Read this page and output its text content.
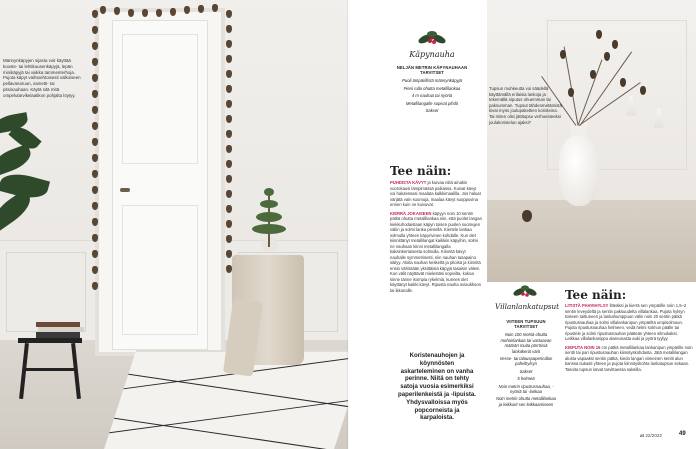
Männynkäpyjen sijasta voit käyttää kooste- tai lehtikuusenkäpyjä, lepän minikäpyjä tai vaikka tammenterhoja. Pujota käpyt vaihtoehtoisesti valkoiseen pellavanaruun, sametti- tai pitsinauhaan. Käytä sitä mitä ompelutarvikelaatikon pohjalta löytyy.
Käpynauha
NELJÄN METRIN KÄPYNAUHAAN TARVITSET
Puoli ämpärillistä männynkäpyjä
Pieni rulla ohutta metallilankaa
4 m nauhaa tai nyöriä
Metallilangalle sopivat pihdit
Sakset
Tee näin:

PUHDISTA KÄVYT ja kuivaa niitä ainakin vuorokausi lämpimässä paikassa. Kuivat kävyt voi halutessasi maalata kalkkimaalilla. Jos haluat värjätä vain suomuja, maalaa kävyt suoppuvina ennen kuin ne kuivuvat.

KIERRÄ JOKAISEEN käpyyn noin 10 sentin pätkä ohutta metallilankaa niin, että puolet langan kiekkuhodaistaan käpyn toisen puolen suomujen väliin ja solmi lanka pienellä. Kiertele lankaa solmulla yhteen käpyrivinen kohdalle. Kun olet kiinnittänyt metallilangat kaikkiin käpyihin, solmi ne nauhaan kiinni metallilangalla kaksinkertaisesta solmulla. Kiinnitä kävyt nauhalle symmetrisesti, niin nauhan tasapaino säilyy. Aloita nauhan keskeltä ja pitoisä ja kiinnitä ensin vähintään yksittäisiä käpyjä tasaisin välein. Kun välit näyttävät mielestäsi sopivilta, kokoa sinne tänne isompia rykelmiä, kunnes olet käyttänyt kaikki kävyt. Ripusta nauha oviaukkoon tai ikkunalle.

Koristenauhojen ja köynnösten askarteleminen on vanha perinne. Niitä on tehty satoja vuosia esimerkiksi paperilenkeistä ja -lipuista. Yhdysvalloissa myös popcorneista ja karpaloista.
Tupsun muhkeutta voi säädellä käyttämällä erilaisia lankoja ja tekemällä niputus ohuemman tai paksumman. Tupsut tähdenmetämistä kivat myös joulupakettien koristeina. Tai miten olisi jättitupsu verhoesteeksi joulukoristelun ajaksi?
Villanlankatupsut
VIITEEN TUPSUUN TARVITSET
Noin 100 metriä ohutta mohairlankaa tai vastaavan määrän muita pörröisiä lankakeriä värit
Vesse- tai talouspaperirullan pahvihylsyn
Sakset
5 helmeä
Noin metrin ripustusnauhaa, -nyöriä tai -lankaa
Noin metrin ohutta metallilankaa ja leikkurit sen leikkaamiseen
Tee näin:

LITISTÄ PAHVIHYLSY litteäksi ja kierrä sen ympärille noin 1,5–2 sentin leveydeltä ja sentin paksuudelta villalankaa. Pujota hylsyn toiseen taittuneen ja lankahumppuun välin noin 20 sentin pätkä ripustusnauhaa ja solmi villalankanipun ympäriltä umpisolmuun. Pujota ripustusnauhaa helmeen, vedä helmi solmun päälle tai ripustele ja solmi ripustusnauhan pääteän yhteen silmukaksi. Leikkaa villalankanippu alareunasta auki ja pyörä tyylyy.

KIEPUTA NOIN 15 cm pätkä metallilankaa lankanipun ympärille noin sentti tai pari ripustusnauhan kiinnityskohdasta. Jätä metallilangan alusta vapaaksi sentin pätkä, kiedo langan viimeinen sentti alun kanssa tiukasti yhteen ja pujota kiinnityskohta lankatupsun sekaan. Tasoita tupsun latvat tarvittaessa saksilla.

at 22/2022	49
